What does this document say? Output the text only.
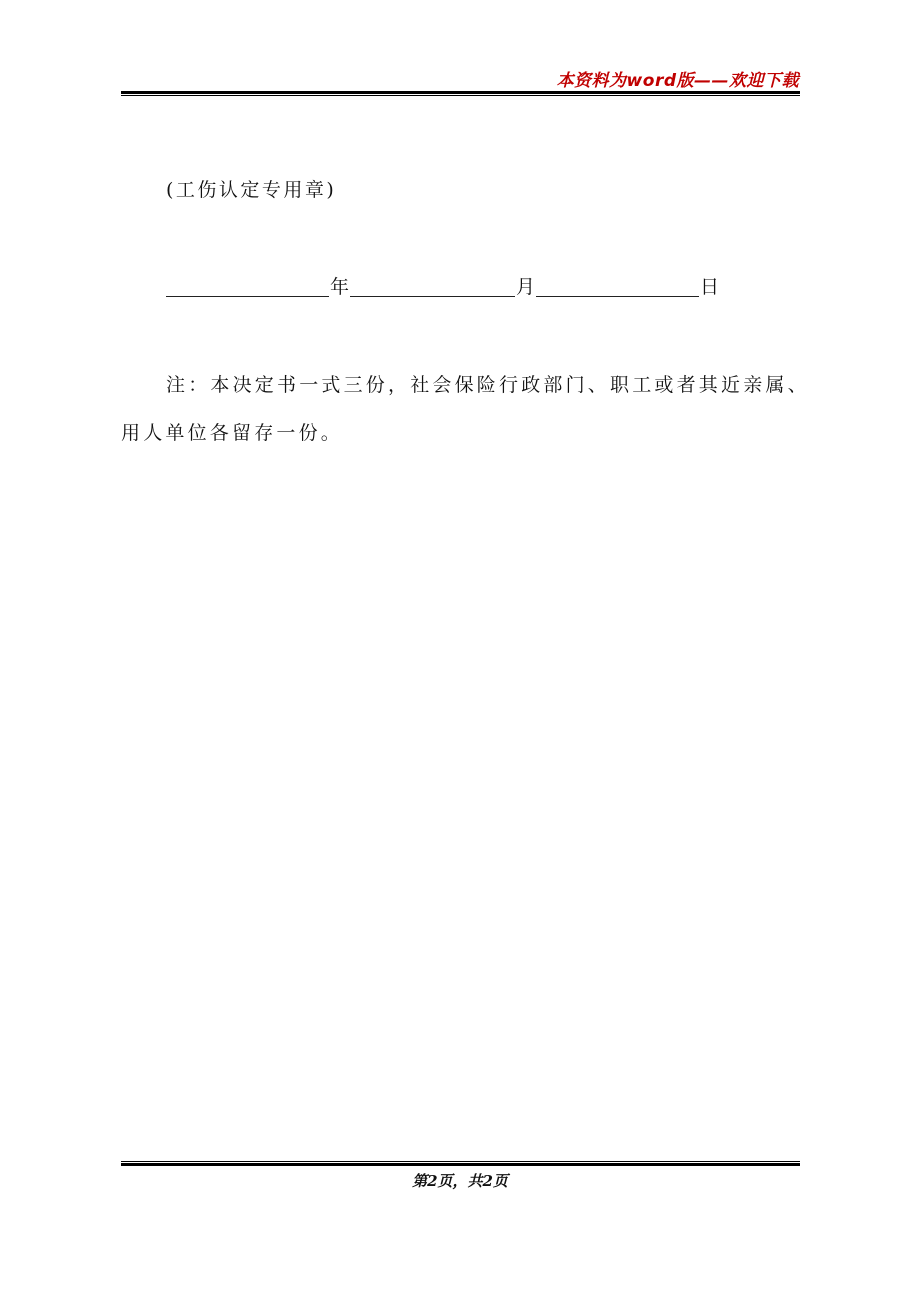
本资料为word版——欢迎下载
(工伤认定专用章)
年	月	日
注：本决定书一式三份，社会保险行政部门、职工或者其近亲属、
用人单位各留存一份。
第2页，共2页
